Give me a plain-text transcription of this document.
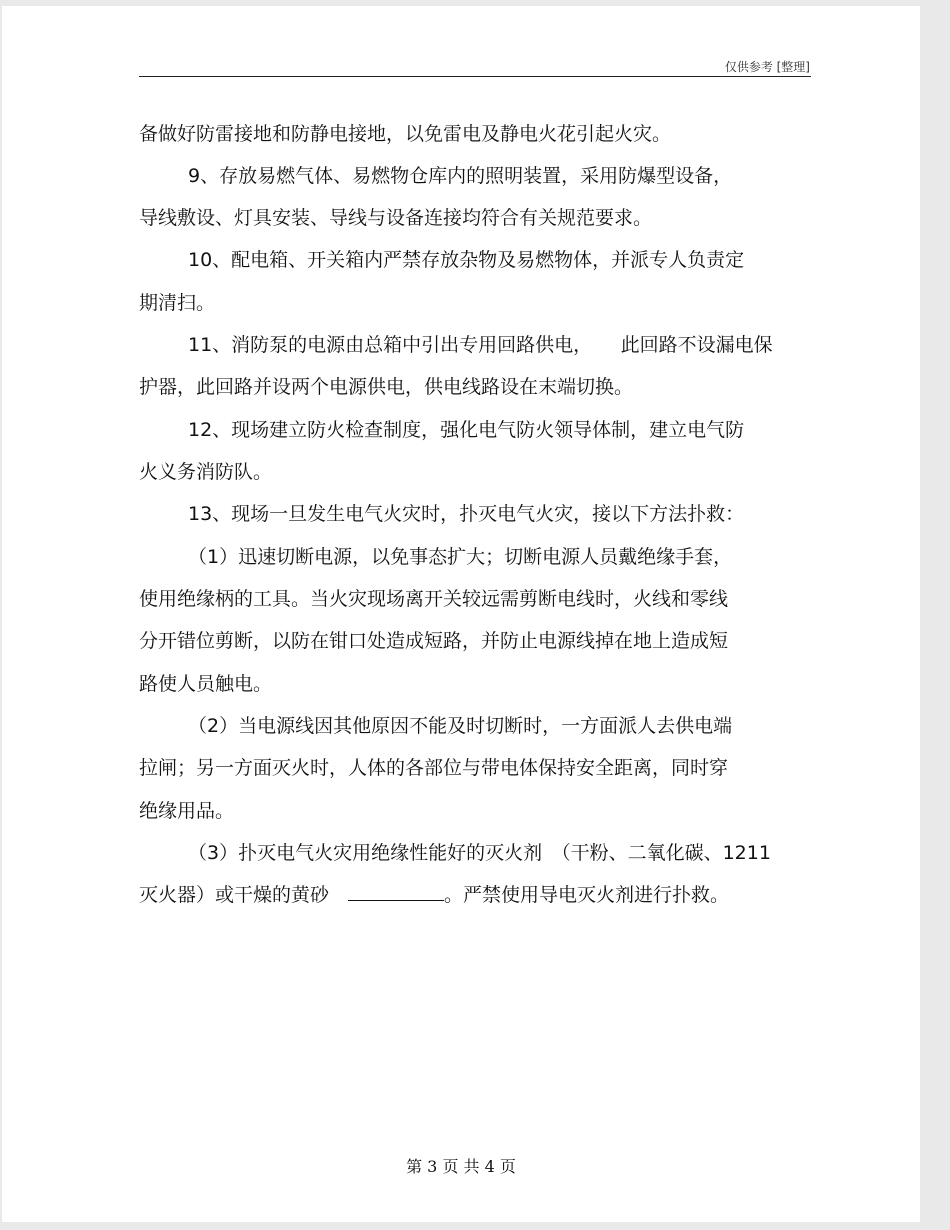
仅供参考 [整理]
备做好防雷接地和防静电接地，以免雷电及静电火花引起火灾。
9、存放易燃气体、易燃物仓库内的照明装置，采用防爆型设备，
导线敷设、灯具安装、导线与设备连接均符合有关规范要求。
10、配电箱、开关箱内严禁存放杂物及易燃物体，并派专人负责定
期清扫。
11、消防泵的电源由总箱中引出专用回路供电，　　此回路不设漏电保
护器，此回路并设两个电源供电，供电线路设在末端切换。
12、现场建立防火检查制度，强化电气防火领导体制，建立电气防
火义务消防队。
13、现场一旦发生电气火灾时，扑灭电气火灾，接以下方法扑救：
（1）迅速切断电源，以免事态扩大；切断电源人员戴绝缘手套，
使用绝缘柄的工具。当火灾现场离开关较远需剪断电线时，火线和零线
分开错位剪断，以防在钳口处造成短路，并防止电源线掉在地上造成短
路使人员触电。
（2）当电源线因其他原因不能及时切断时，一方面派人去供电端
拉闸；另一方面灭火时，人体的各部位与带电体保持安全距离，同时穿
绝缘用品。
（3）扑灭电气火灾用绝缘性能好的灭火剂　（干粉、二氧化碳、1211
灭火器）或干燥的黄砂　	。严禁使用导电灭火剂进行扑救。
第 3 页 共 4 页
